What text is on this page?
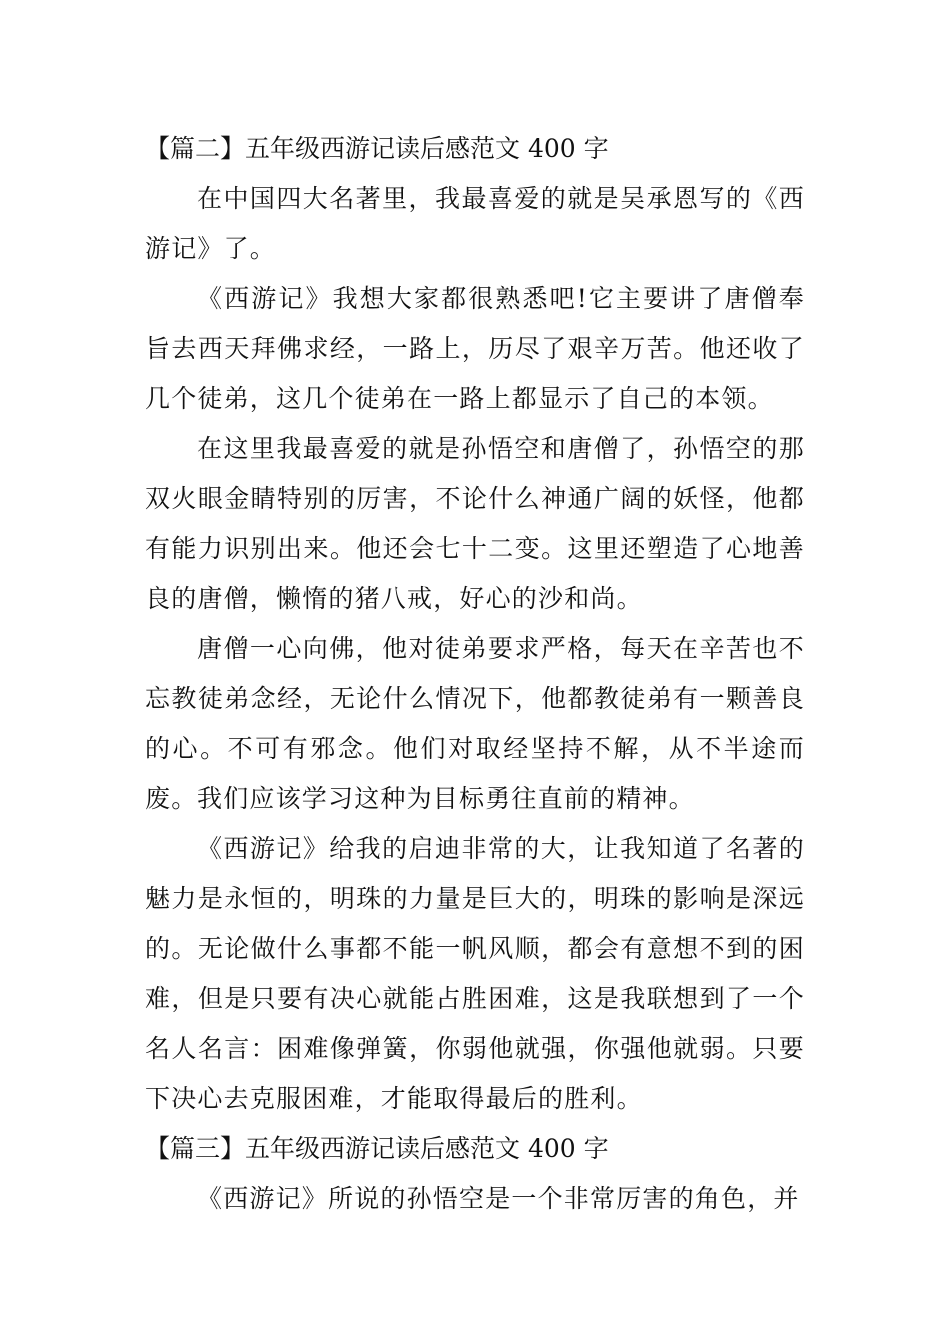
【篇二】五年级西游记读后感范文 400 字
在中国四大名著里，我最喜爱的就是吴承恩写的《西游记》了。
《西游记》我想大家都很熟悉吧!它主要讲了唐僧奉旨去西天拜佛求经，一路上，历尽了艰辛万苦。他还收了几个徒弟，这几个徒弟在一路上都显示了自己的本领。
在这里我最喜爱的就是孙悟空和唐僧了，孙悟空的那双火眼金睛特别的厉害，不论什么神通广阔的妖怪，他都有能力识别出来。他还会七十二变。这里还塑造了心地善良的唐僧，懒惰的猪八戒，好心的沙和尚。
唐僧一心向佛，他对徒弟要求严格，每天在辛苦也不忘教徒弟念经，无论什么情况下，他都教徒弟有一颗善良的心。不可有邪念。他们对取经坚持不解，从不半途而废。 我们应该学习这种为目标勇往直前的精神。
《西游记》给我的启迪非常的大，让我知道了名著的魅力是永恒的，明珠的力量是巨大的，明珠的影响是深远的。无论做什么事都不能一帆风顺，都会有意想不到的困难，但是只要有决心就能占胜困难，这是我联想到了一个名人名言：困难像弹簧，你弱他就强，你强他就弱。只要下决心去克服困难，才能取得最后的胜利。
【篇三】五年级西游记读后感范文 400 字
《西游记》所说的孙悟空是一个非常厉害的角色，并
